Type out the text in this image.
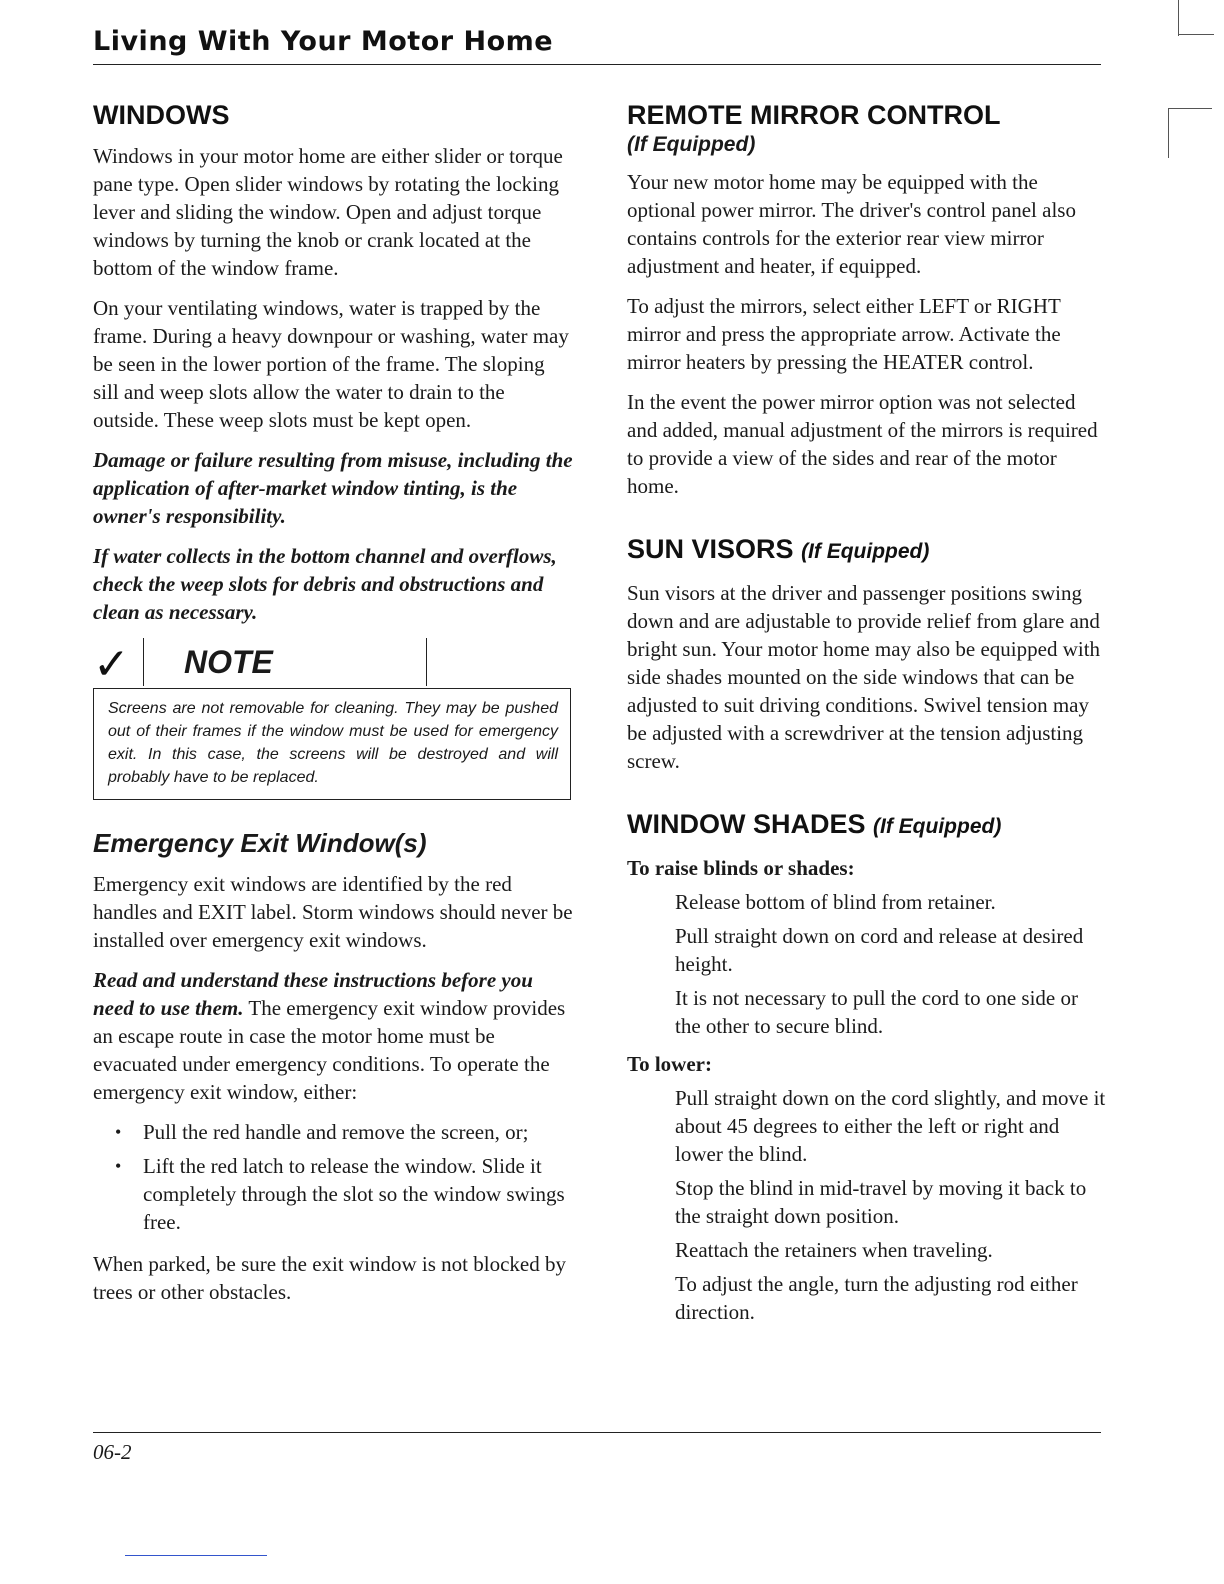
Living With Your Motor Home
WINDOWS

Windows in your motor home are either slider or torque pane type. Open slider windows by rotating the locking lever and sliding the window. Open and adjust torque windows by turning the knob or crank located at the bottom of the window frame.

On your ventilating windows, water is trapped by the frame. During a heavy downpour or washing, water may be seen in the lower portion of the frame. The sloping sill and weep slots allow the water to drain to the outside. These weep slots must be kept open.

Damage or failure resulting from misuse, including the application of after-market window tinting, is the owner's responsibility.

If water collects in the bottom channel and overflows, check the weep slots for debris and obstructions and clean as necessary.

✓ NOTE

Screens are not removable for cleaning. They may be pushed out of their frames if the window must be used for emergency exit. In this case, the screens will be destroyed and will probably have to be replaced.

Emergency Exit Window(s)

Emergency exit windows are identified by the red handles and EXIT label. Storm windows should never be installed over emergency exit windows.

Read and understand these instructions before you need to use them. The emergency exit window provides an escape route in case the motor home must be evacuated under emergency conditions. To operate the emergency exit window, either:

• Pull the red handle and remove the screen, or;
• Lift the red latch to release the window. Slide it completely through the slot so the window swings free.

When parked, be sure the exit window is not blocked by trees or other obstacles.

REMOTE MIRROR CONTROL
(If Equipped)

Your new motor home may be equipped with the optional power mirror. The driver's control panel also contains controls for the exterior rear view mirror adjustment and heater, if equipped.

To adjust the mirrors, select either LEFT or RIGHT mirror and press the appropriate arrow. Activate the mirror heaters by pressing the HEATER control.

In the event the power mirror option was not selected and added, manual adjustment of the mirrors is required to provide a view of the sides and rear of the motor home.

SUN VISORS (If Equipped)

Sun visors at the driver and passenger positions swing down and are adjustable to provide relief from glare and bright sun. Your motor home may also be equipped with side shades mounted on the side windows that can be adjusted to suit driving conditions. Swivel tension may be adjusted with a screwdriver at the tension adjusting screw.

WINDOW SHADES (If Equipped)
To raise blinds or shades:

Release bottom of blind from retainer.

Pull straight down on cord and release at desired height.

It is not necessary to pull the cord to one side or the other to secure blind.

To lower:

Pull straight down on the cord slightly, and move it about 45 degrees to either the left or right and lower the blind.

Stop the blind in mid-travel by moving it back to the straight down position.

Reattach the retainers when traveling.

To adjust the angle, turn the adjusting rod either direction.

06-2
